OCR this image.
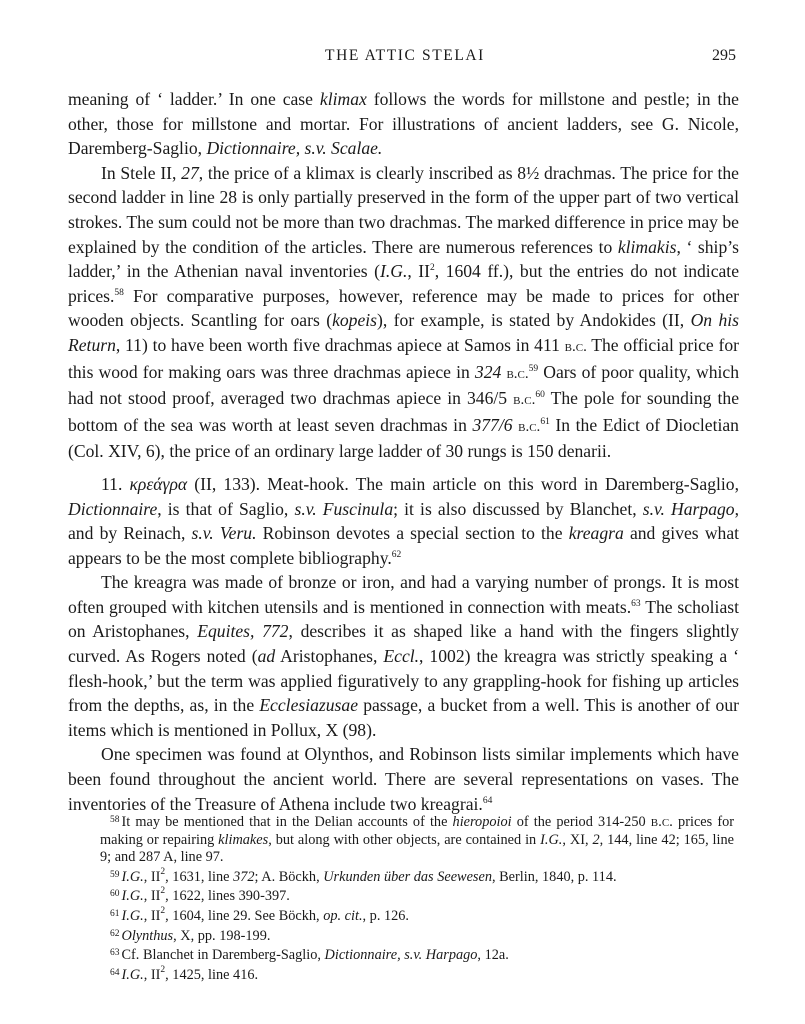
THE ATTIC STELAI	295

meaning of ‘ ladder.’ In one case klimax follows the words for millstone and pestle; in the other, those for millstone and mortar. For illustrations of ancient ladders, see G. Nicole, Daremberg-Saglio, Dictionnaire, s.v. Scalae.

In Stele II, 27, the price of a klimax is clearly inscribed as 8½ drachmas. The price for the second ladder in line 28 is only partially preserved in the form of the upper part of two vertical strokes. The sum could not be more than two drachmas. The marked difference in price may be explained by the condition of the articles. There are numerous references to klimakis, ‘ ship’s ladder,’ in the Athenian naval inventories (I.G., $II^2$, 1604 ff.), but the entries do not indicate prices.$^{58}$ For comparative purposes, however, reference may be made to prices for other wooden objects. Scantling for oars (kopeis), for example, is stated by Andokides (II, On his Return, 11) to have been worth five drachmas apiece at Samos in 411 b.c. The official price for this wood for making oars was three drachmas apiece in 324 b.c.$^{59}$ Oars of poor quality, which had not stood proof, averaged two drachmas apiece in 346/5 b.c.$^{60}$ The pole for sounding the bottom of the sea was worth at least seven drachmas in 377/6 b.c.$^{61}$ In the Edict of Diocletian (Col. XIV, 6), the price of an ordinary large ladder of 30 rungs is 150 denarii.

11. κρεάγρα (II, 133). Meat-hook. The main article on this word in Daremberg-Saglio, Dictionnaire, is that of Saglio, s.v. Fuscinula; it is also discussed by Blanchet, s.v. Harpago, and by Reinach, s.v. Veru. Robinson devotes a special section to the kreagra and gives what appears to be the most complete bibliography.$^{62}$

The kreagra was made of bronze or iron, and had a varying number of prongs. It is most often grouped with kitchen utensils and is mentioned in connection with meats.$^{63}$ The scholiast on Aristophanes, Equites, 772, describes it as shaped like a hand with the fingers slightly curved. As Rogers noted (ad Aristophanes, Eccl., 1002) the kreagra was strictly speaking a ‘ flesh-hook,’ but the term was applied figuratively to any grappling-hook for fishing up articles from the depths, as, in the Ecclesiazusae passage, a bucket from a well. This is another of our items which is mentioned in Pollux, X (98).

One specimen was found at Olynthos, and Robinson lists similar implements which have been found throughout the ancient world. There are several representations on vases. The inventories of the Treasure of Athena include two kreagrai.$^{64}$

$^{58}$ It may be mentioned that in the Delian accounts of the hieropoioi of the period 314-250 b.c. prices for making or repairing klimakes, but along with other objects, are contained in I.G., XI, 2, 144, line 42; 165, line 9; and 287 A, line 97.

$^{59}$ I.G., $II^2$, 1631, line 372; A. Böckh, Urkunden über das Seewesen, Berlin, 1840, p. 114.

$^{60}$ I.G., $II^2$, 1622, lines 390-397.

$^{61}$ I.G., $II^2$, 1604, line 29. See Böckh, op. cit., p. 126.

$^{62}$ Olynthus, X, pp. 198-199.

$^{63}$ Cf. Blanchet in Daremberg-Saglio, Dictionnaire, s.v. Harpago, 12a.

$^{64}$ I.G., $II^2$, 1425, line 416.
